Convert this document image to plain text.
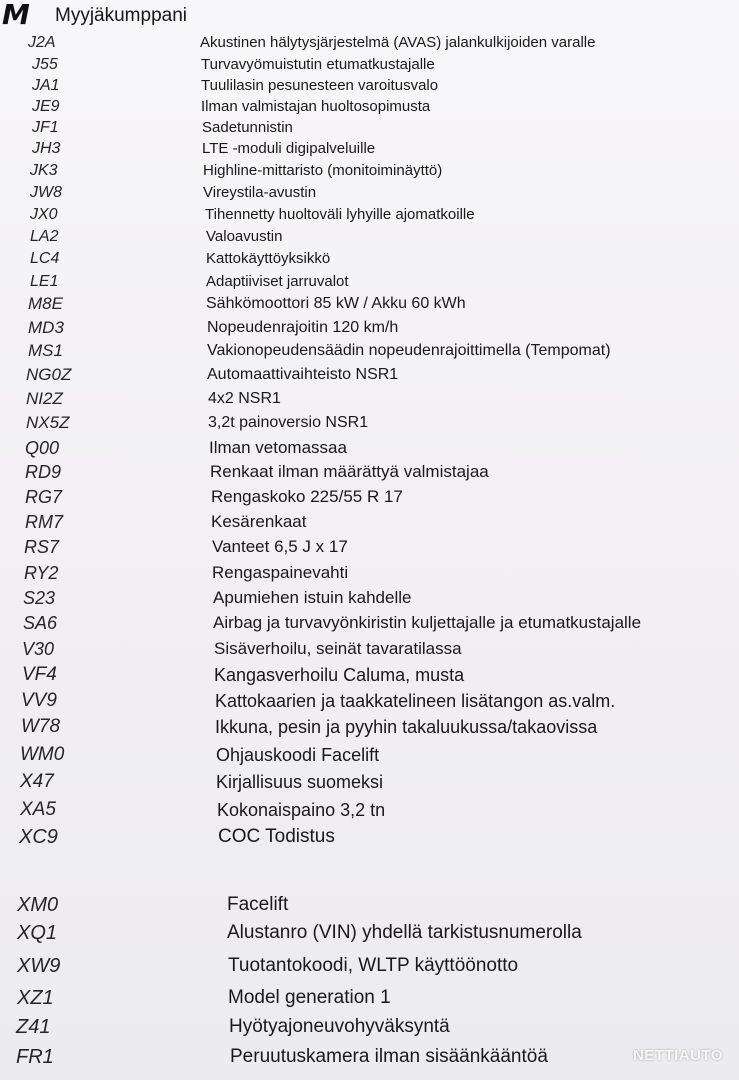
M Myyjäkumppani
J2A	Akustinen hälytysjärjestelmä (AVAS) jalankulkijoiden varalle
J55	Turvavyömuistutin etumatkustajalle
JA1	Tuulilasin pesunesteen varoitusvalo
JE9	Ilman valmistajan huoltosopimusta
JF1	Sadetunnistin
JH3	LTE -moduli digipalveluille
JK3	Highline-mittaristo (monitoiminäyttö)
JW8	Vireystila-avustin
JX0	Tihennetty huoltoväli lyhyille ajomatkoille
LA2	Valoavustin
LC4	Kattokäyttöyksikkö
LE1	Adaptiiviset jarruvalot
M8E	Sähkömoottori 85 kW / Akku 60 kWh
MD3	Nopeudenrajoitin 120 km/h
MS1	Vakionopeudensäädin nopeudenrajoittimella (Tempomat)
NG0Z	Automaattivaihteisto NSR1
NI2Z	4x2 NSR1
NX5Z	3,2t painoversio NSR1
Q00	Ilman vetomassaa
RD9	Renkaat ilman määrättyä valmistajaa
RG7	Rengaskoko 225/55 R 17
RM7	Kesärenkaat
RS7	Vanteet 6,5 J x 17
RY2	Rengaspainevahti
S23	Apumiehen istuin kahdelle
SA6	Airbag ja turvavyönkiristin kuljettajalle ja etumatkustajalle
V30	Sisäverhoilu, seinät tavaratilassa
VF4	Kangasverhoilu Caluma, musta
VV9	Kattokaarien ja taakkatelineen lisätangon as.valm.
W78	Ikkuna, pesin ja pyyhin takaluukussa/takaovissa
WM0	Ohjauskoodi Facelift
X47	Kirjallisuus suomeksi
XA5	Kokonaispaino 3,2 tn
XC9	COC Todistus
XM0	Facelift
XQ1	Alustanro (VIN) yhdellä tarkistusnumerolla
XW9	Tuotantokoodi, WLTP käyttöönotto
XZ1	Model generation 1
Z41	Hyötyajoneuvohyväksyntä
FR1	Peruutuskamera ilman sisäänkääntöä	NETTIAUTO
